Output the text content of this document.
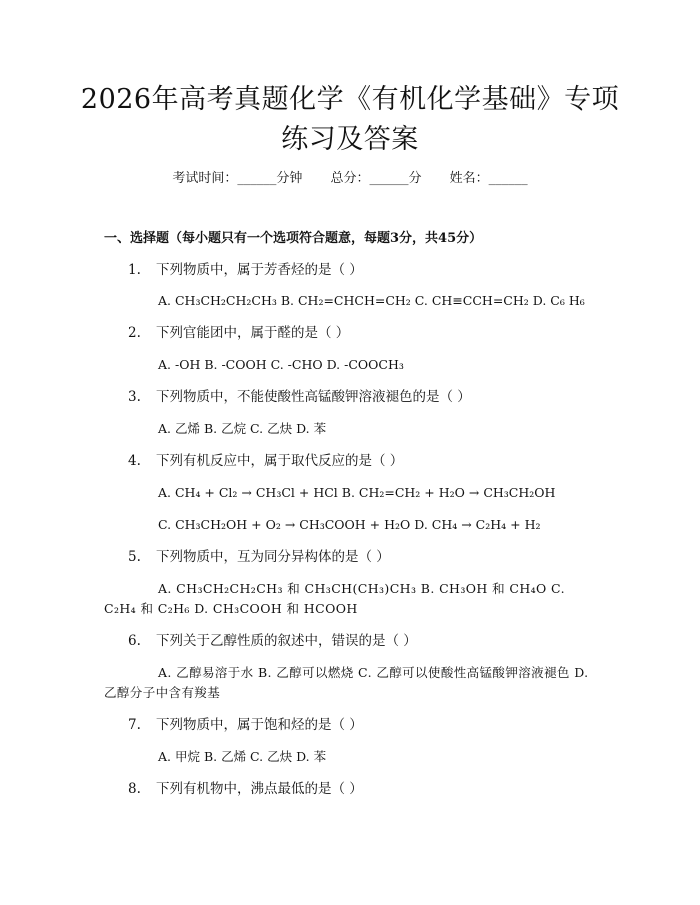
2026年高考真题化学《有机化学基础》专项
练习及答案
考试时间：______分钟 总分：______分 姓名：______
一、选择题（每小题只有一个选项符合题意，每题3分，共45分）
1. 下列物质中，属于芳香烃的是（ ）
A. CH₃CH₂CH₂CH₃ B. CH₂=CHCH=CH₂ C. CH≡CCH=CH₂ D. C₆ H₆
2. 下列官能团中，属于醛的是（ ）
A. -OH B. -COOH C. -CHO D. -COOCH₃
3. 下列物质中，不能使酸性高锰酸钾溶液褪色的是（ ）
A. 乙烯 B. 乙烷 C. 乙炔 D. 苯
4. 下列有机反应中，属于取代反应的是（ ）
A. CH₄ + Cl₂ → CH₃Cl + HCl B. CH₂=CH₂ + H₂O → CH₃CH₂OH
C. CH₃CH₂OH + O₂ → CH₃COOH + H₂O D. CH₄ → C₂H₄ + H₂
5. 下列物质中，互为同分异构体的是（ ）
A. CH₃CH₂CH₂CH₃ 和 CH₃CH(CH₃)CH₃ B. CH₃OH 和 CH₄O C. C₂H₄ 和 C₂H₆ D. CH₃COOH 和 HCOOH
6. 下列关于乙醇性质的叙述中，错误的是（ ）
A. 乙醇易溶于水 B. 乙醇可以燃烧 C. 乙醇可以使酸性高锰酸钾溶液褪色 D. 乙醇分子中含有羧基
7. 下列物质中，属于饱和烃的是（ ）
A. 甲烷 B. 乙烯 C. 乙炔 D. 苯
8. 下列有机物中，沸点最低的是（ ）
